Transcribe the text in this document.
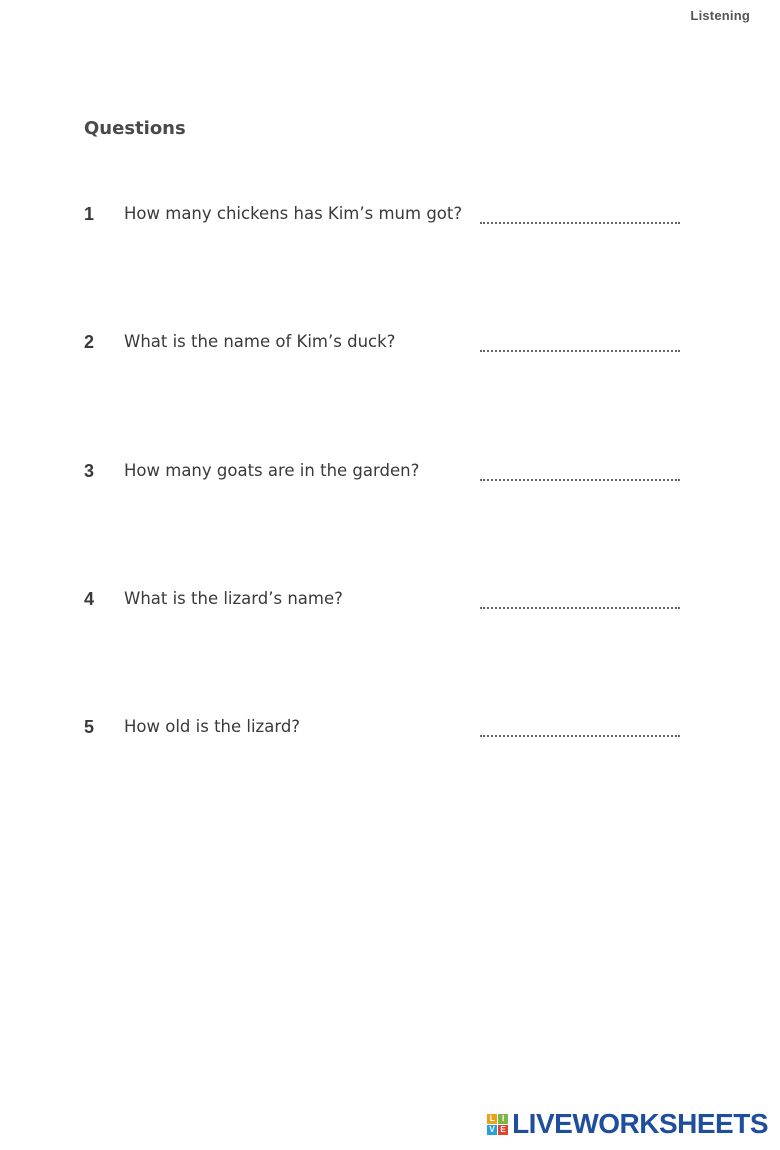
Listening
Questions
1 How many chickens has Kim’s mum got?
2 What is the name of Kim’s duck?
3 How many goats are in the garden?
4 What is the lizard’s name?
5 How old is the lizard?
L I
V E LIVEWORKSHEETS
